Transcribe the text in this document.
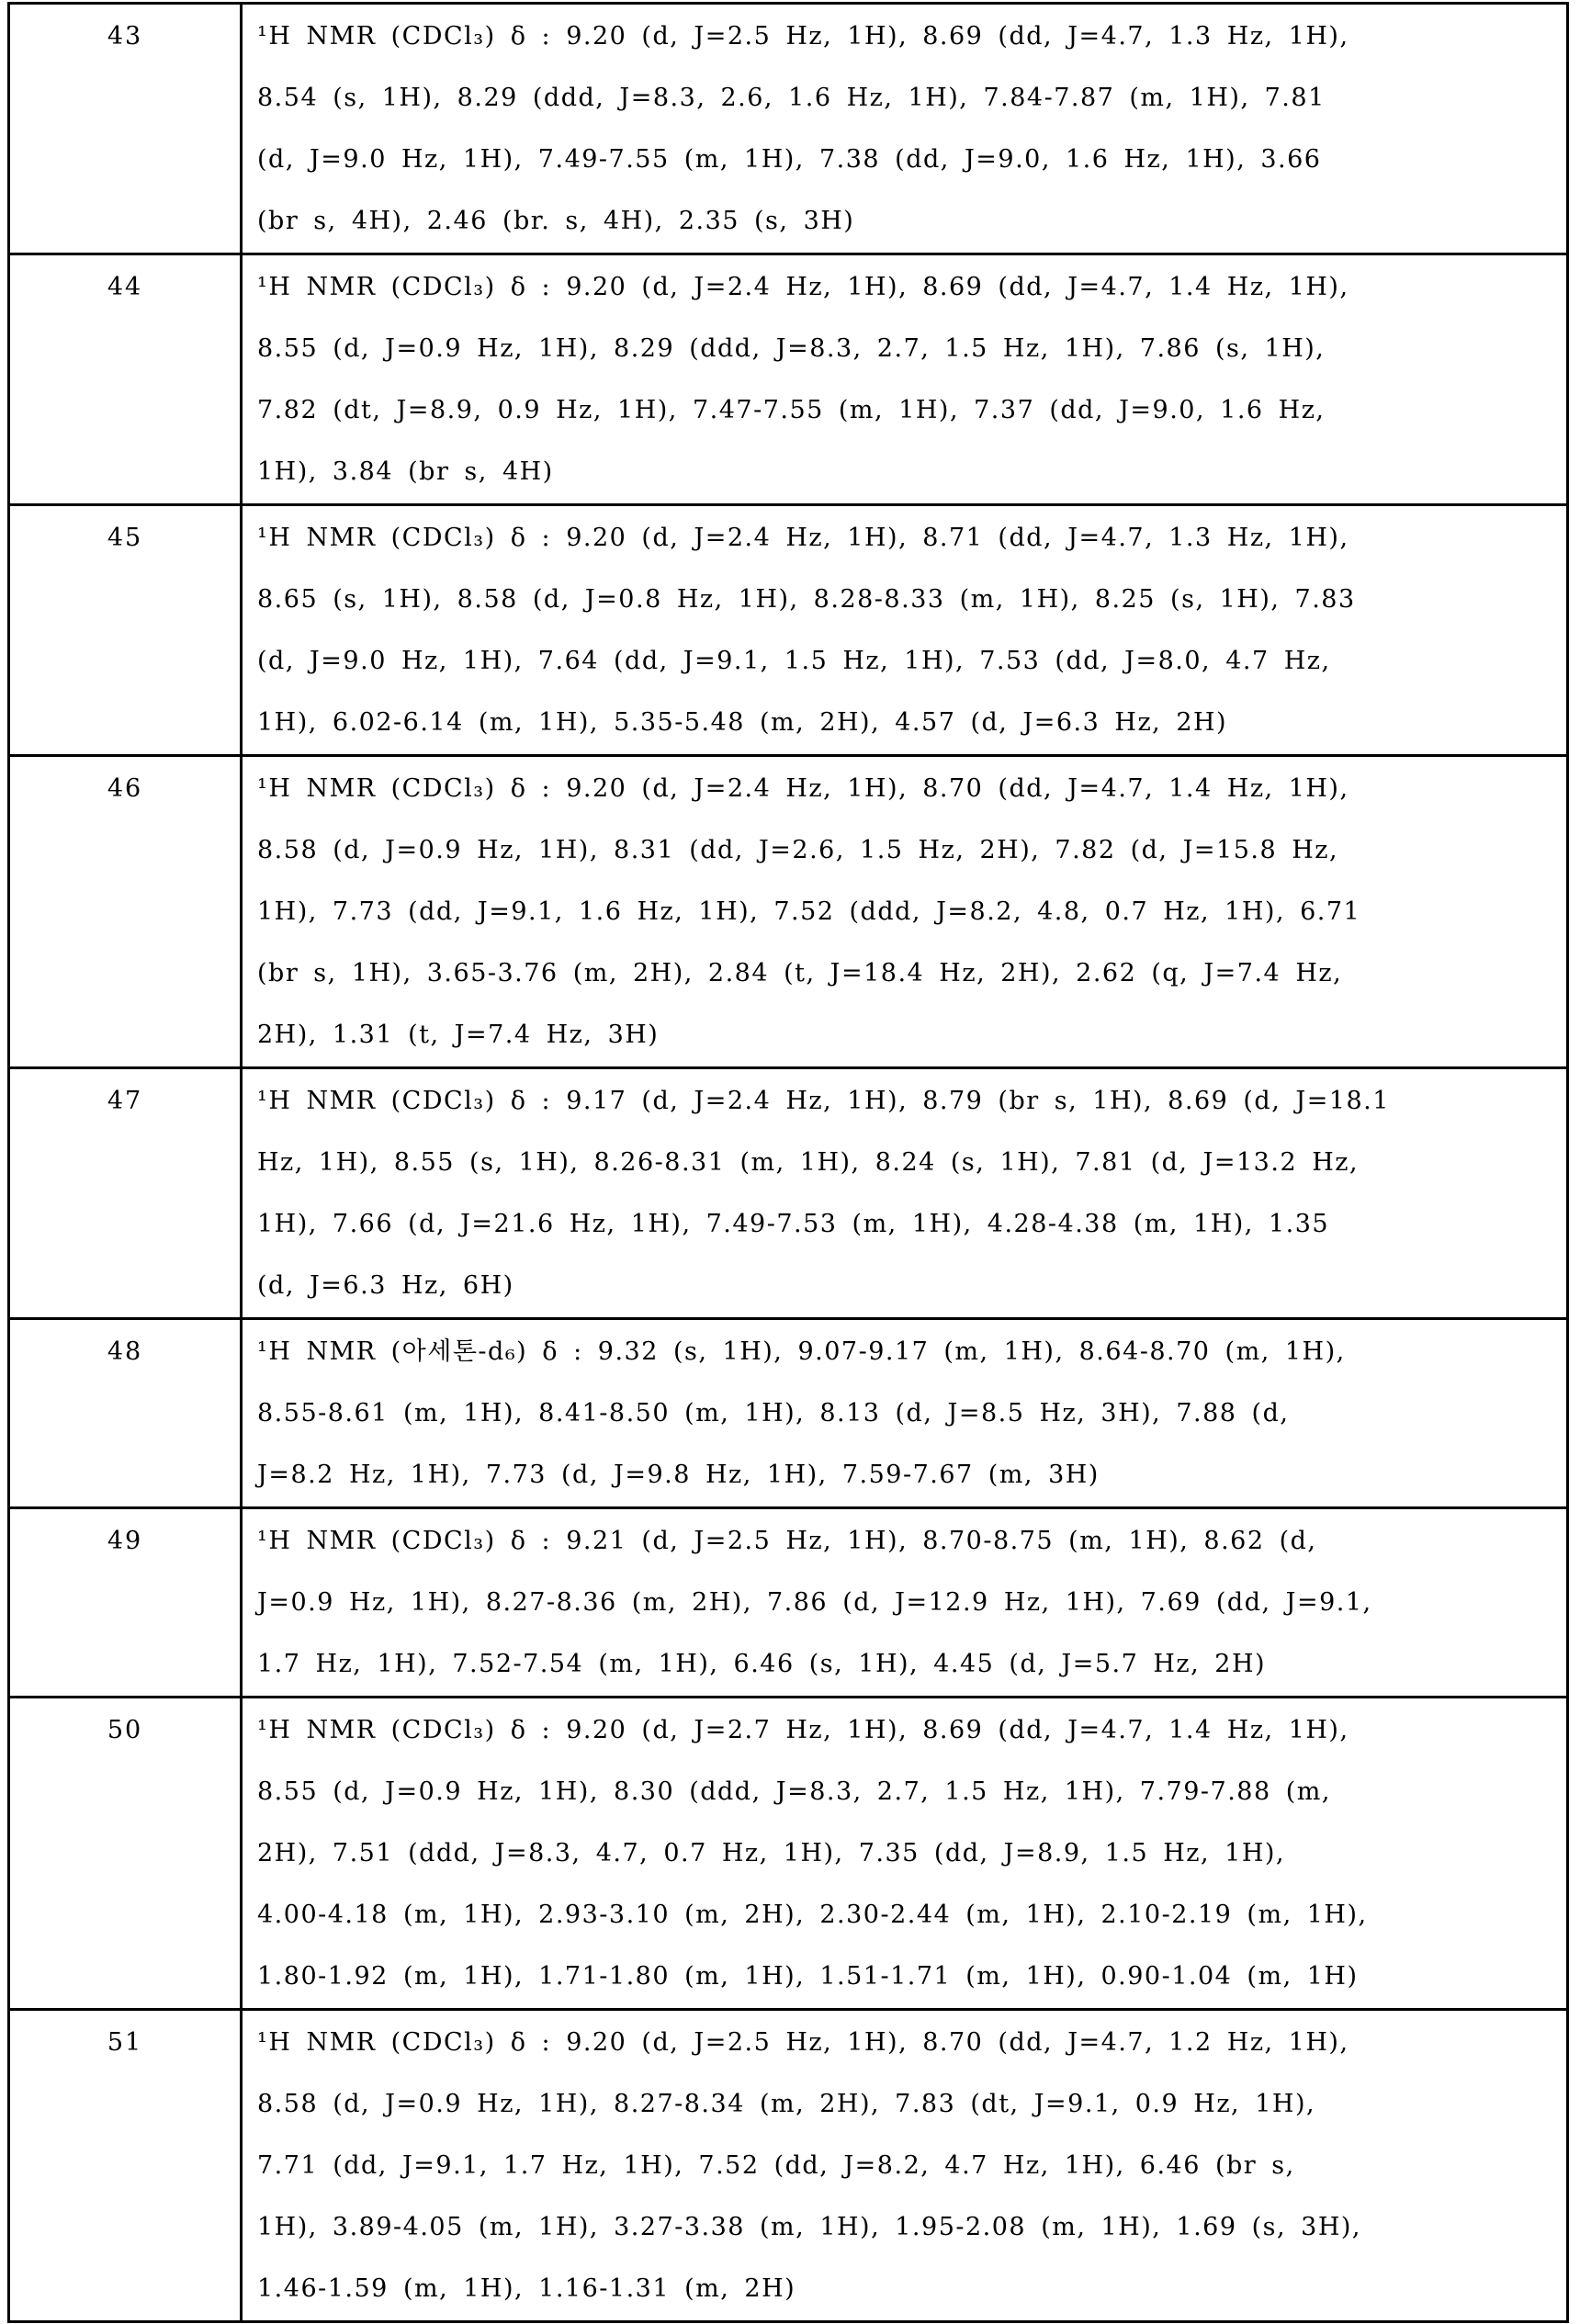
43	¹H NMR (CDCl₃) δ : 9.20 (d, J=2.5 Hz, 1H), 8.69 (dd, J=4.7, 1.3 Hz, 1H),
8.54 (s, 1H), 8.29 (ddd, J=8.3, 2.6, 1.6 Hz, 1H), 7.84-7.87 (m, 1H), 7.81
(d, J=9.0 Hz, 1H), 7.49-7.55 (m, 1H), 7.38 (dd, J=9.0, 1.6 Hz, 1H), 3.66
(br s, 4H), 2.46 (br. s, 4H), 2.35 (s, 3H)
44	¹H NMR (CDCl₃) δ : 9.20 (d, J=2.4 Hz, 1H), 8.69 (dd, J=4.7, 1.4 Hz, 1H),
8.55 (d, J=0.9 Hz, 1H), 8.29 (ddd, J=8.3, 2.7, 1.5 Hz, 1H), 7.86 (s, 1H),
7.82 (dt, J=8.9, 0.9 Hz, 1H), 7.47-7.55 (m, 1H), 7.37 (dd, J=9.0, 1.6 Hz,
1H), 3.84 (br s, 4H)
45	¹H NMR (CDCl₃) δ : 9.20 (d, J=2.4 Hz, 1H), 8.71 (dd, J=4.7, 1.3 Hz, 1H),
8.65 (s, 1H), 8.58 (d, J=0.8 Hz, 1H), 8.28-8.33 (m, 1H), 8.25 (s, 1H), 7.83
(d, J=9.0 Hz, 1H), 7.64 (dd, J=9.1, 1.5 Hz, 1H), 7.53 (dd, J=8.0, 4.7 Hz,
1H), 6.02-6.14 (m, 1H), 5.35-5.48 (m, 2H), 4.57 (d, J=6.3 Hz, 2H)
46	¹H NMR (CDCl₃) δ : 9.20 (d, J=2.4 Hz, 1H), 8.70 (dd, J=4.7, 1.4 Hz, 1H),
8.58 (d, J=0.9 Hz, 1H), 8.31 (dd, J=2.6, 1.5 Hz, 2H), 7.82 (d, J=15.8 Hz,
1H), 7.73 (dd, J=9.1, 1.6 Hz, 1H), 7.52 (ddd, J=8.2, 4.8, 0.7 Hz, 1H), 6.71
(br s, 1H), 3.65-3.76 (m, 2H), 2.84 (t, J=18.4 Hz, 2H), 2.62 (q, J=7.4 Hz,
2H), 1.31 (t, J=7.4 Hz, 3H)
47	¹H NMR (CDCl₃) δ : 9.17 (d, J=2.4 Hz, 1H), 8.79 (br s, 1H), 8.69 (d, J=18.1
Hz, 1H), 8.55 (s, 1H), 8.26-8.31 (m, 1H), 8.24 (s, 1H), 7.81 (d, J=13.2 Hz,
1H), 7.66 (d, J=21.6 Hz, 1H), 7.49-7.53 (m, 1H), 4.28-4.38 (m, 1H), 1.35
(d, J=6.3 Hz, 6H)
48	¹H NMR (아세톤-d₆) δ : 9.32 (s, 1H), 9.07-9.17 (m, 1H), 8.64-8.70 (m, 1H),
8.55-8.61 (m, 1H), 8.41-8.50 (m, 1H), 8.13 (d, J=8.5 Hz, 3H), 7.88 (d,
J=8.2 Hz, 1H), 7.73 (d, J=9.8 Hz, 1H), 7.59-7.67 (m, 3H)
49	¹H NMR (CDCl₃) δ : 9.21 (d, J=2.5 Hz, 1H), 8.70-8.75 (m, 1H), 8.62 (d,
J=0.9 Hz, 1H), 8.27-8.36 (m, 2H), 7.86 (d, J=12.9 Hz, 1H), 7.69 (dd, J=9.1,
1.7 Hz, 1H), 7.52-7.54 (m, 1H), 6.46 (s, 1H), 4.45 (d, J=5.7 Hz, 2H)
50	¹H NMR (CDCl₃) δ : 9.20 (d, J=2.7 Hz, 1H), 8.69 (dd, J=4.7, 1.4 Hz, 1H),
8.55 (d, J=0.9 Hz, 1H), 8.30 (ddd, J=8.3, 2.7, 1.5 Hz, 1H), 7.79-7.88 (m,
2H), 7.51 (ddd, J=8.3, 4.7, 0.7 Hz, 1H), 7.35 (dd, J=8.9, 1.5 Hz, 1H),
4.00-4.18 (m, 1H), 2.93-3.10 (m, 2H), 2.30-2.44 (m, 1H), 2.10-2.19 (m, 1H),
1.80-1.92 (m, 1H), 1.71-1.80 (m, 1H), 1.51-1.71 (m, 1H), 0.90-1.04 (m, 1H)
51	¹H NMR (CDCl₃) δ : 9.20 (d, J=2.5 Hz, 1H), 8.70 (dd, J=4.7, 1.2 Hz, 1H),
8.58 (d, J=0.9 Hz, 1H), 8.27-8.34 (m, 2H), 7.83 (dt, J=9.1, 0.9 Hz, 1H),
7.71 (dd, J=9.1, 1.7 Hz, 1H), 7.52 (dd, J=8.2, 4.7 Hz, 1H), 6.46 (br s,
1H), 3.89-4.05 (m, 1H), 3.27-3.38 (m, 1H), 1.95-2.08 (m, 1H), 1.69 (s, 3H),
1.46-1.59 (m, 1H), 1.16-1.31 (m, 2H)
